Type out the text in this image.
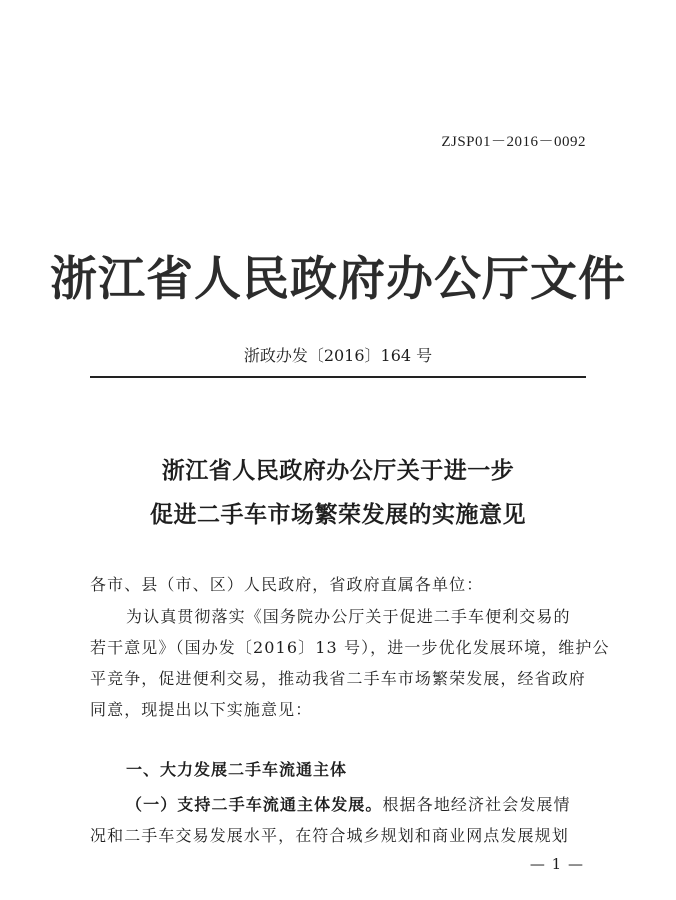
ZJSP01－2016－0092
浙江省人民政府办公厅文件
浙政办发〔2016〕164 号
浙江省人民政府办公厅关于进一步
促进二手车市场繁荣发展的实施意见
各市、县（市、区）人民政府，省政府直属各单位：
为认真贯彻落实《国务院办公厅关于促进二手车便利交易的
若干意见》（国办发〔2016〕13 号），进一步优化发展环境，维护公
平竞争，促进便利交易，推动我省二手车市场繁荣发展，经省政府
同意，现提出以下实施意见：
一、大力发展二手车流通主体
（一）支持二手车流通主体发展。根据各地经济社会发展情
况和二手车交易发展水平，在符合城乡规划和商业网点发展规划
— 1 —
